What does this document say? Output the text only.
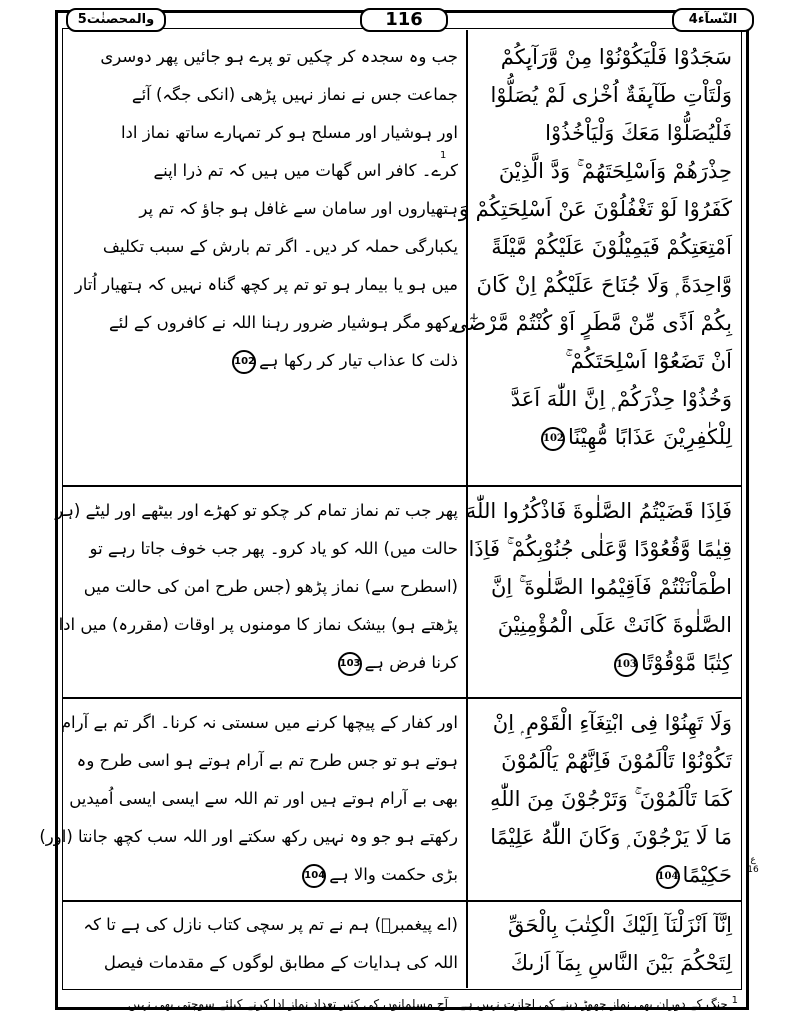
النّسآء4
116
والمحصنٰت5
سَجَدُوْا فَلْيَكُوْنُوْا مِنْ وَّرَآىِٕكُمْ
وَلْتَاْتِ طَآىِٕفَةٌ اُخْرٰى لَمْ يُصَلُّوْا
فَلْيُصَلُّوْا مَعَكَ وَلْيَاْخُذُوْا
حِذْرَهُمْ وَاَسْلِحَتَهُمْ ۚ وَدَّ الَّذِيْنَ
كَفَرُوْا لَوْ تَغْفُلُوْنَ عَنْ اَسْلِحَتِكُمْ وَ
اَمْتِعَتِكُمْ فَيَمِيْلُوْنَ عَلَيْكُمْ مَّيْلَةً
وَّاحِدَةً ۭ وَلَا جُنَاحَ عَلَيْكُمْ اِنْ كَانَ
بِكُمْ اَذًى مِّنْ مَّطَرٍ اَوْ كُنْتُمْ مَّرْضٰٓى
اَنْ تَضَعُوْٓا اَسْلِحَتَكُمْ ۚ
وَخُذُوْا حِذْرَكُمْ ۭ اِنَّ اللّٰهَ اَعَدَّ
لِلْكٰفِرِيْنَ عَذَابًا مُّهِيْنًا102
جب وہ سجدہ کر چکیں تو پرے ہو جائیں پھر دوسری
جماعت جس نے نماز نہیں پڑھی (انکی جگہ) آئے
اور ہوشیار اور مسلح ہو کر تمہارے ساتھ نماز ادا
کرے۔ کافر اس گھات میں ہیں کہ تم ذرا اپنے
ہتھیاروں اور سامان سے غافل ہو جاؤ کہ تم پر
یکبارگی حملہ کر دیں۔ اگر تم بارش کے سبب تکلیف
میں ہو یا بیمار ہو تو تم پر کچھ گناہ نہیں کہ ہتھیار اُتار
رکھو مگر ہوشیار ضرور رہنا اللہ نے کافروں کے لئے
ذلت کا عذاب تیار کر رکھا ہے102
1
فَاِذَا قَضَيْتُمُ الصَّلٰوةَ فَاذْكُرُوا اللّٰهَ
قِيٰمًا وَّقُعُوْدًا وَّعَلٰى جُنُوْبِكُمْ ۚ فَاِذَا
اطْمَاْنَنْتُمْ فَاَقِيْمُوا الصَّلٰوةَ ۚ اِنَّ
الصَّلٰوةَ كَانَتْ عَلَى الْمُؤْمِنِيْنَ
كِتٰبًا مَّوْقُوْتًا103
پھر جب تم نماز تمام کر چکو تو کھڑے اور بیٹھے اور لیٹے (ہر
حالت میں) اللہ کو یاد کرو۔ پھر جب خوف جاتا رہے تو
(اسطرح سے) نماز پڑھو (جس طرح امن کی حالت میں
پڑھتے ہو) بیشک نماز کا مومنوں پر اوقات (مقررہ) میں ادا
کرنا فرض ہے103
وَلَا تَهِنُوْا فِى ابْتِغَآءِ الْقَوْمِ ۭ اِنْ
تَكُوْنُوْا تَاْلَمُوْنَ فَاِنَّهُمْ يَاْلَمُوْنَ
كَمَا تَاْلَمُوْنَ ۚ وَتَرْجُوْنَ مِنَ اللّٰهِ
مَا لَا يَرْجُوْنَ ۭ وَكَانَ اللّٰهُ عَلِيْمًا
حَكِيْمًا104
اور کفار کے پیچھا کرنے میں سستی نہ کرنا۔ اگر تم بے آرام
ہوتے ہو تو جس طرح تم بے آرام ہوتے ہو اسی طرح وہ
بھی بے آرام ہوتے ہیں اور تم اللہ سے ایسی ایسی اُمیدیں
رکھتے ہو جو وہ نہیں رکھ سکتے اور اللہ سب کچھ جانتا (اور)
بڑی حکمت والا ہے104
ع 16
اِنَّآ اَنْزَلْنَآ اِلَيْكَ الْكِتٰبَ بِالْحَقِّ
لِتَحْكُمَ بَيْنَ النَّاسِ بِمَآ اَرٰىكَ
(اے پیغمبرؐ) ہم نے تم پر سچی کتاب نازل کی ہے تا کہ
اللہ کی ہدایات کے مطابق لوگوں کے مقدمات فیصل
$^1$ جنگ کے دوران بھی نماز چھوڑ دینے کی اجازت نہیں ہے۔ آج مسلمانوں کی کثیر تعداد نماز ادا کرنے کیلئے سوچتی بھی نہیں۔
